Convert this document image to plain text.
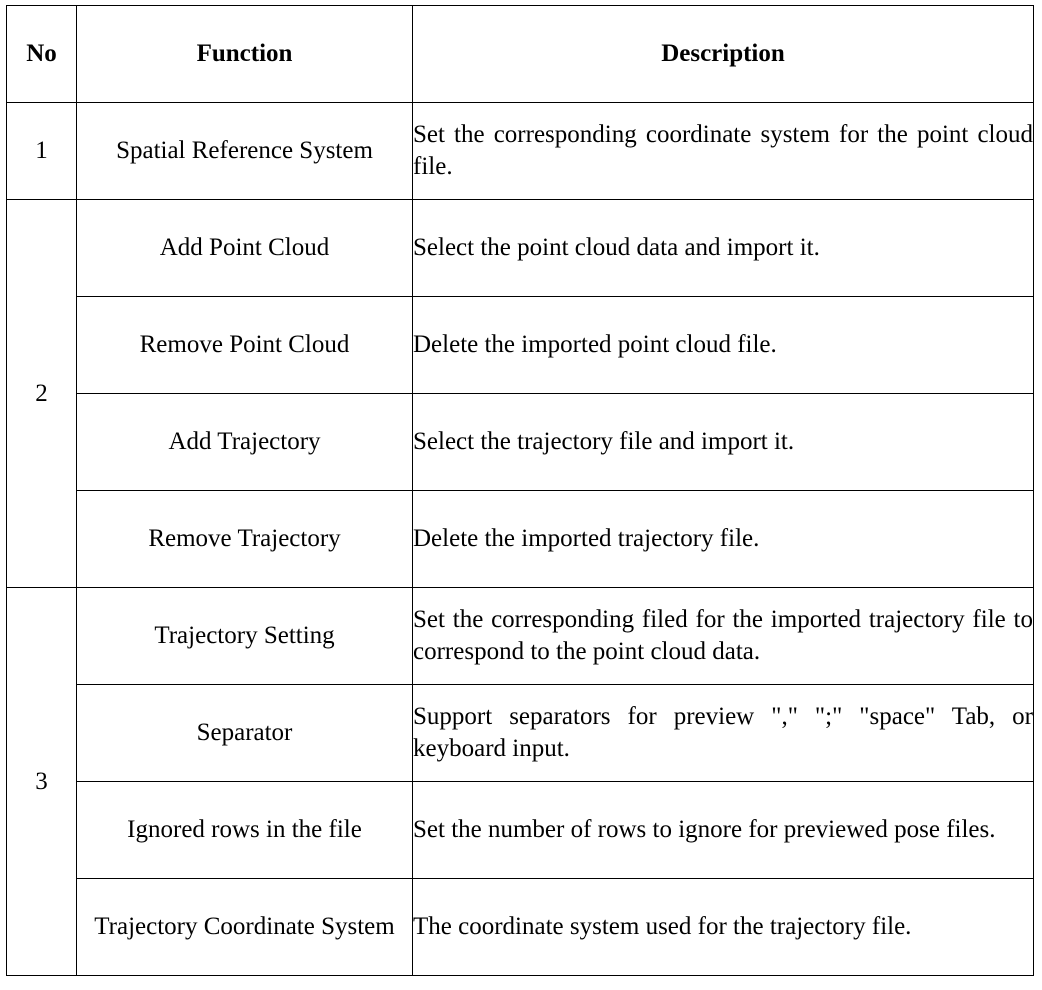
No	Function	Description
1	Spatial Reference System	Set the corresponding coordinate system for the point cloud file.
2	Add Point Cloud	Select the point cloud data and import it.
	Remove Point Cloud	Delete the imported point cloud file.
	Add Trajectory	Select the trajectory file and import it.
	Remove Trajectory	Delete the imported trajectory file.
3	Trajectory Setting	Set the corresponding filed for the imported trajectory file to correspond to the point cloud data.
	Separator	Support separators for preview "," ";" "space" Tab, or keyboard input.
	Ignored rows in the file	Set the number of rows to ignore for previewed pose files.
	Trajectory Coordinate System	The coordinate system used for the trajectory file.
